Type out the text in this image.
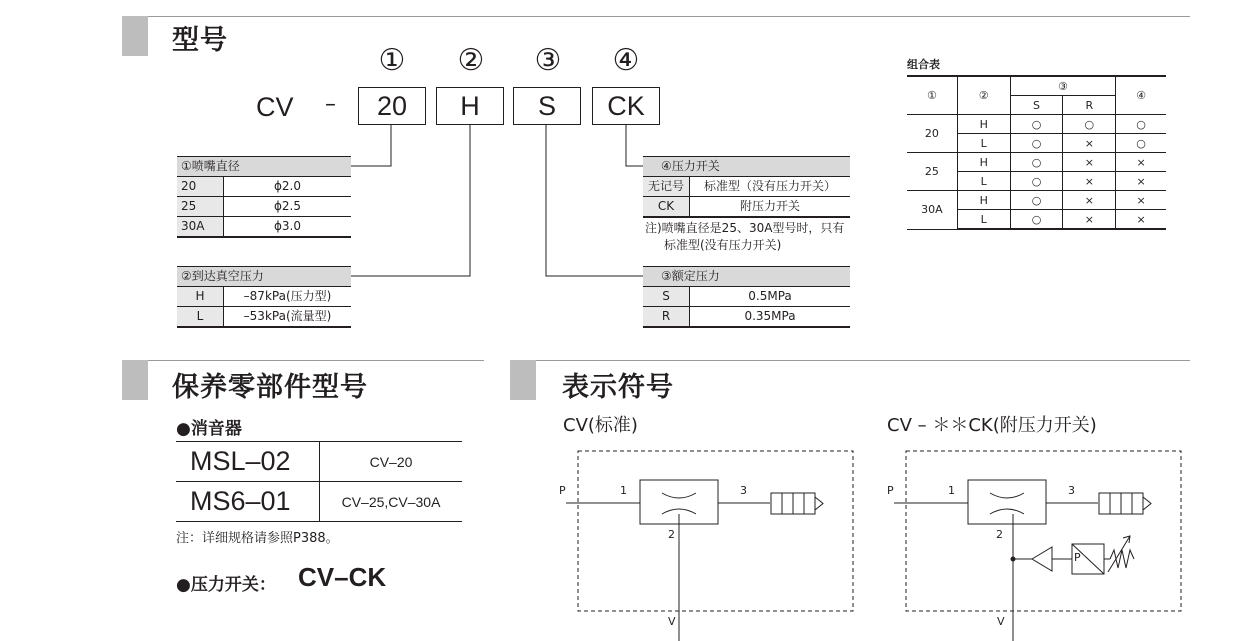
型号
保养零部件型号	表示符号
① ② ③ ④
CV –	20	H	S	CK
①喷嘴直径	
20	ϕ2.0
25	ϕ2.5
30A	ϕ3.0
②到达真空压力	
H	–87kPa(压力型)
L	–53kPa(流量型)
④压力开关	
无记号	标准型（没有压力开关）
CK	附压力开关
注)喷嘴直径是25、30A型号时，只有
标准型(没有压力开关)
③额定压力	
S	0.5MPa
R	0.35MPa
组合表
①	②	③		④
		S	R	
20	H	○	○	○
	L	○	×	○
25	H	○	×	×
	L	○	×	×
30A	H	○	×	×
	L	○	×	×
●消音器
MSL–02	CV–20
MS6–01	CV–25,CV–30A
注：详细规格请参照P388。
●压力开关： CV–CK
CV(标准)	CV – ＊＊CK(附压力开关)
P	1	3
2
V
P	1	3
2
V
P
